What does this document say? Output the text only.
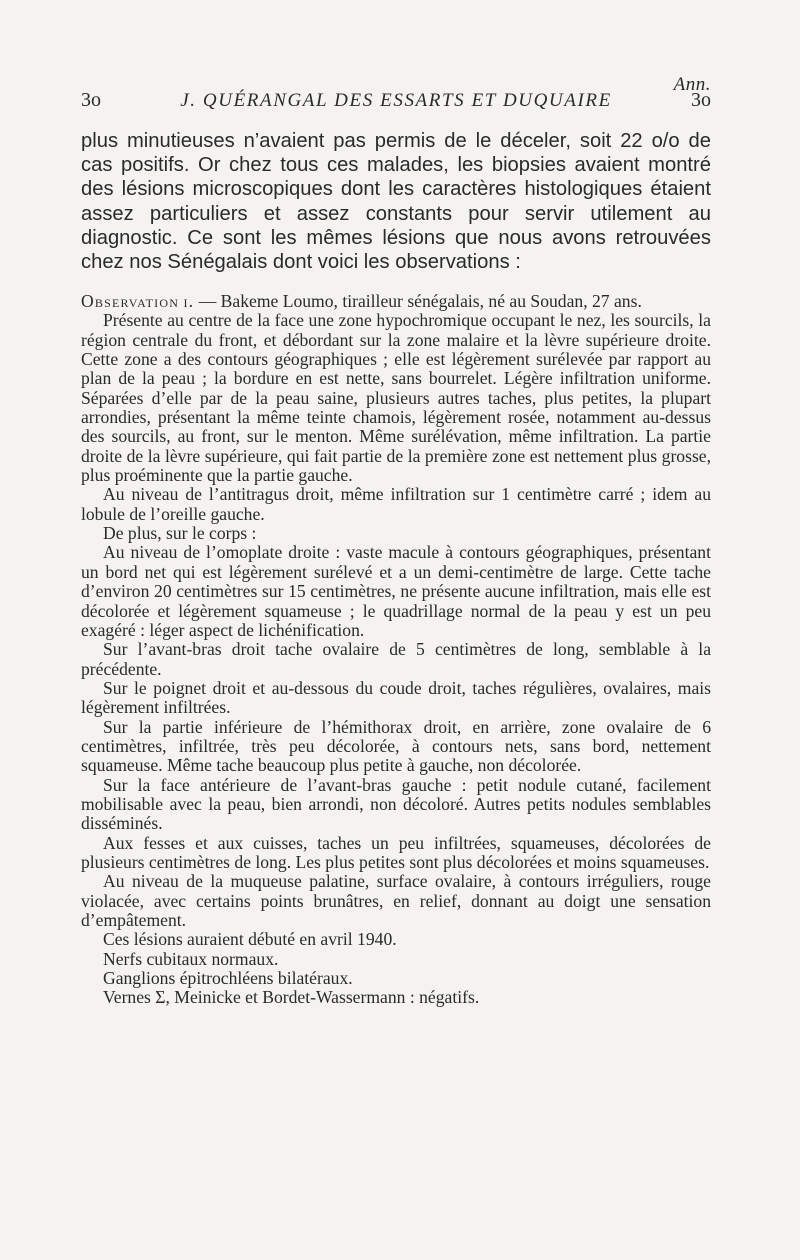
Ann.
3o	J. QUÉRANGAL DES ESSARTS ET DUQUAIRE	3o

plus minutieuses n’avaient pas permis de le déceler, soit 22 o/o de cas positifs. Or chez tous ces malades, les biopsies avaient montré des lésions microscopiques dont les caractères histologiques étaient assez particuliers et assez constants pour servir utilement au diagnostic. Ce sont les mêmes lésions que nous avons retrouvées chez nos Sénégalais dont voici les observations :

Observation i. — Bakeme Loumo, tirailleur sénégalais, né au Soudan, 27 ans.

Présente au centre de la face une zone hypochromique occupant le nez, les sourcils, la région centrale du front, et débordant sur la zone malaire et la lèvre supérieure droite. Cette zone a des contours géographiques ; elle est légèrement surélevée par rapport au plan de la peau ; la bordure en est nette, sans bourrelet. Légère infiltration uniforme. Séparées d’elle par de la peau saine, plusieurs autres taches, plus petites, la plupart arrondies, présentant la même teinte chamois, légèrement rosée, notamment au-dessus des sourcils, au front, sur le menton. Même surélévation, même infiltration. La partie droite de la lèvre supérieure, qui fait partie de la première zone est nettement plus grosse, plus proéminente que la partie gauche.

Au niveau de l’antitragus droit, même infiltration sur 1 centimètre carré ; idem au lobule de l’oreille gauche.

De plus, sur le corps :

Au niveau de l’omoplate droite : vaste macule à contours géographiques, présentant un bord net qui est légèrement surélevé et a un demi-centimètre de large. Cette tache d’environ 20 centimètres sur 15 centimètres, ne présente aucune infiltration, mais elle est décolorée et légèrement squameuse ; le quadrillage normal de la peau y est un peu exagéré : léger aspect de lichénification.

Sur l’avant-bras droit tache ovalaire de 5 centimètres de long, semblable à la précédente.

Sur le poignet droit et au-dessous du coude droit, taches régulières, ovalaires, mais légèrement infiltrées.

Sur la partie inférieure de l’hémithorax droit, en arrière, zone ovalaire de 6 centimètres, infiltrée, très peu décolorée, à contours nets, sans bord, nettement squameuse. Même tache beaucoup plus petite à gauche, non décolorée.

Sur la face antérieure de l’avant-bras gauche : petit nodule cutané, facilement mobilisable avec la peau, bien arrondi, non décoloré. Autres petits nodules semblables disséminés.

Aux fesses et aux cuisses, taches un peu infiltrées, squameuses, décolorées de plusieurs centimètres de long. Les plus petites sont plus décolorées et moins squameuses.

Au niveau de la muqueuse palatine, surface ovalaire, à contours irréguliers, rouge violacée, avec certains points brunâtres, en relief, donnant au doigt une sensation d’empâtement.

Ces lésions auraient débuté en avril 1940.

Nerfs cubitaux normaux.

Ganglions épitrochléens bilatéraux.

Vernes Σ, Meinicke et Bordet-Wassermann : négatifs.
